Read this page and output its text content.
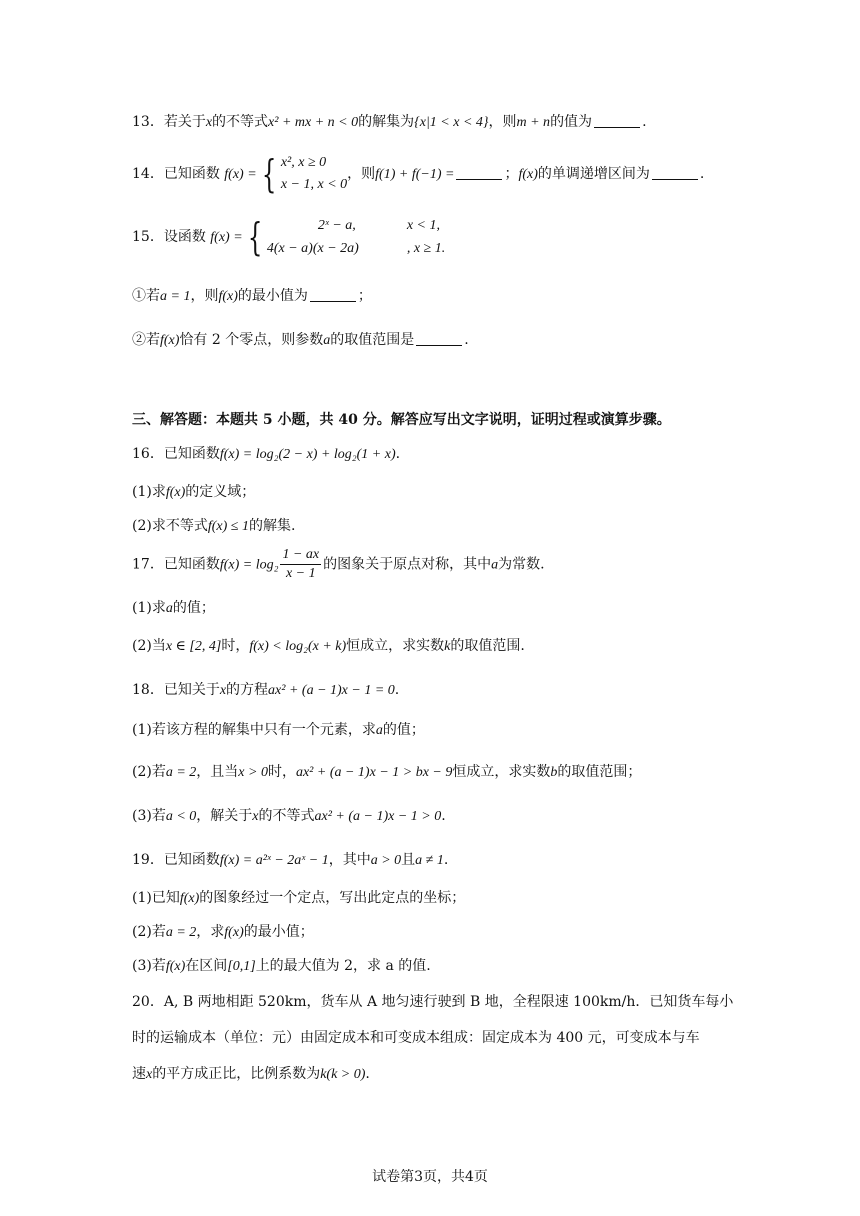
13．若关于x的不等式x² + mx + n < 0的解集为{x|1 < x < 4}，则m + n的值为	.
14．已知函数 f(x) = { x², x ≥ 0
x − 1, x < 0
，则f(1) + f(−1) =	；f(x)的单调递增区间为	.
15．设函数 f(x) = {	2ˣ − a,	x < 1,
4(x − a)(x − 2a)	, x ≥ 1.
①若a = 1，则f(x)的最小值为	；
②若f(x)恰有 2 个零点，则参数a的取值范围是	.
三、解答题：本题共 5 小题，共 40 分。解答应写出文字说明，证明过程或演算步骤。
16．已知函数f(x) = log₂(2 − x) + log₂(1 + x).
(1)求f(x)的定义域；
(2)求不等式f(x) ≤ 1的解集.
17．已知函数$f(x) = \log_2 \frac{1 - ax}{x - 1}$ 的图象关于原点对称，其中a为常数.
(1)求a的值；
(2)当x ∈ [2, 4]时，f(x) < log₂(x + k)恒成立，求实数k的取值范围.
18．已知关于x的方程ax² + (a − 1)x − 1 = 0.
(1)若该方程的解集中只有一个元素，求a的值；
(2)若a = 2，且当x > 0时，ax² + (a − 1)x − 1 > bx − 9恒成立，求实数b的取值范围；
(3)若a < 0，解关于x的不等式ax² + (a − 1)x − 1 > 0.
19．已知函数f(x) = a²ˣ − 2aˣ − 1，其中a > 0且a ≠ 1.
(1)已知f(x)的图象经过一个定点，写出此定点的坐标；
(2)若a = 2，求f(x)的最小值；
(3)若f(x)在区间[0,1]上的最大值为 2，求 a 的值.
20．A, B 两地相距 520km，货车从 A 地匀速行驶到 B 地，全程限速 100km/h．已知货车每小
时的运输成本（单位：元）由固定成本和可变成本组成：固定成本为 400 元，可变成本与车
速x的平方成正比，比例系数为k(k > 0).
试卷第3页，共4页
